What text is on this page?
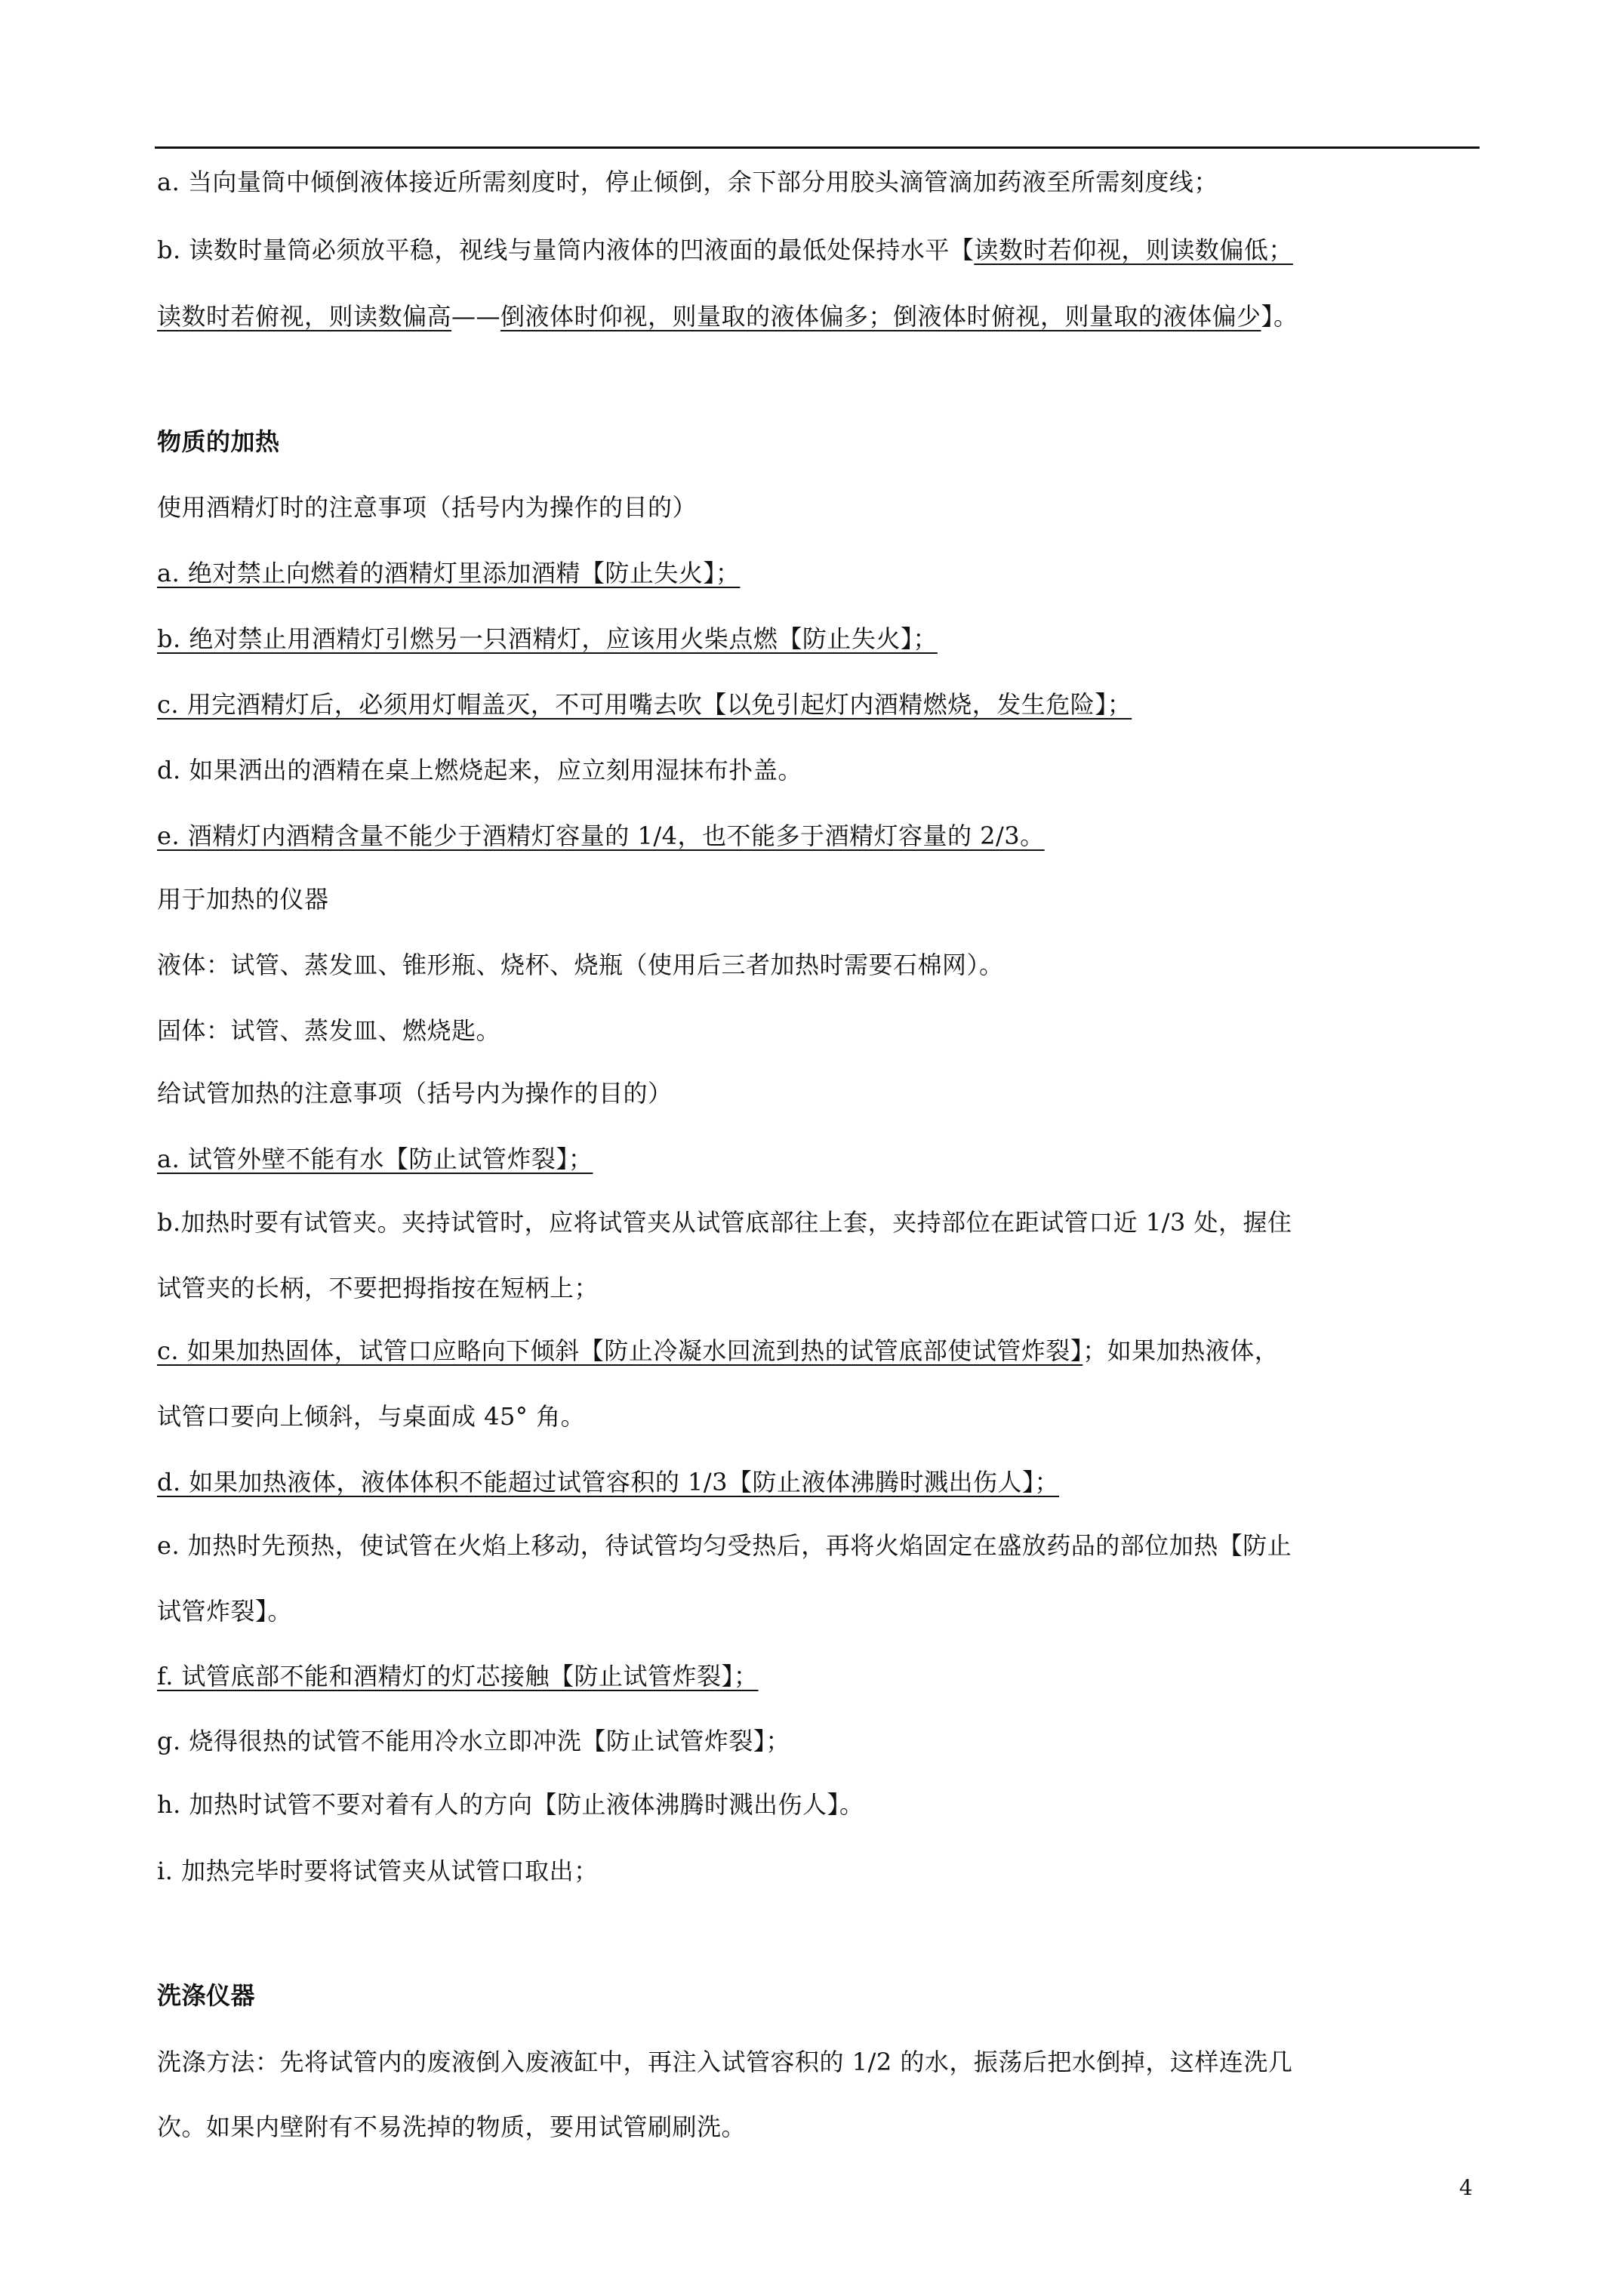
a. 当向量筒中倾倒液体接近所需刻度时，停止倾倒，余下部分用胶头滴管滴加药液至所需刻度线；
b. 读数时量筒必须放平稳，视线与量筒内液体的凹液面的最低处保持水平【读数时若仰视，则读数偏低；
读数时若俯视，则读数偏高——倒液体时仰视，则量取的液体偏多；倒液体时俯视，则量取的液体偏少】。
物质的加热
使用酒精灯时的注意事项（括号内为操作的目的）
a. 绝对禁止向燃着的酒精灯里添加酒精【防止失火】；
b. 绝对禁止用酒精灯引燃另一只酒精灯，应该用火柴点燃【防止失火】；
c. 用完酒精灯后，必须用灯帽盖灭，不可用嘴去吹【以免引起灯内酒精燃烧，发生危险】；
d. 如果洒出的酒精在桌上燃烧起来，应立刻用湿抹布扑盖。
e. 酒精灯内酒精含量不能少于酒精灯容量的 1/4，也不能多于酒精灯容量的 2/3。
用于加热的仪器
液体：试管、蒸发皿、锥形瓶、烧杯、烧瓶（使用后三者加热时需要石棉网）。
固体：试管、蒸发皿、燃烧匙。
给试管加热的注意事项（括号内为操作的目的）
a. 试管外壁不能有水【防止试管炸裂】；
b.加热时要有试管夹。夹持试管时，应将试管夹从试管底部往上套，夹持部位在距试管口近 1/3 处，握住
试管夹的长柄，不要把拇指按在短柄上；
c. 如果加热固体，试管口应略向下倾斜【防止冷凝水回流到热的试管底部使试管炸裂】；如果加热液体，
试管口要向上倾斜，与桌面成 45° 角。
d. 如果加热液体，液体体积不能超过试管容积的 1/3【防止液体沸腾时溅出伤人】；
e. 加热时先预热，使试管在火焰上移动，待试管均匀受热后，再将火焰固定在盛放药品的部位加热【防止
试管炸裂】。
f. 试管底部不能和酒精灯的灯芯接触【防止试管炸裂】；
g. 烧得很热的试管不能用冷水立即冲洗【防止试管炸裂】；
h. 加热时试管不要对着有人的方向【防止液体沸腾时溅出伤人】。
i. 加热完毕时要将试管夹从试管口取出；
洗涤仪器
洗涤方法：先将试管内的废液倒入废液缸中，再注入试管容积的 1/2 的水，振荡后把水倒掉，这样连洗几
次。如果内壁附有不易洗掉的物质，要用试管刷刷洗。
4
